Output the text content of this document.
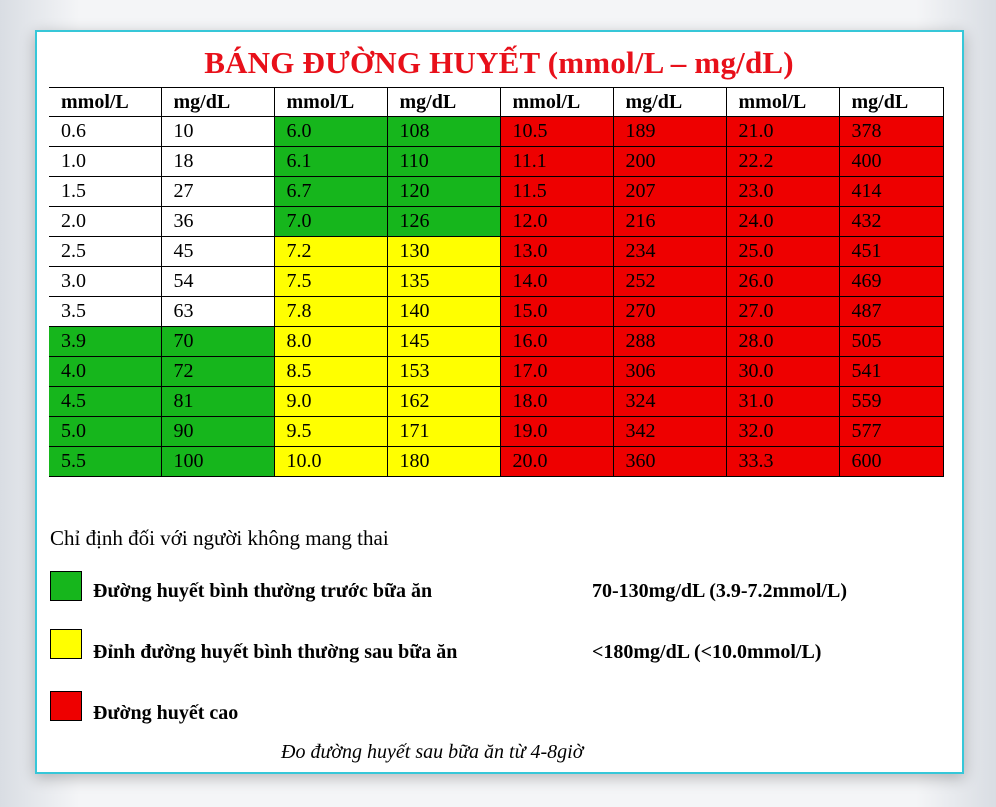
BÁNG ĐƯỜNG HUYẾT (mmol/L – mg/dL)
mmol/L	mg/dL	mmol/L	mg/dL	mmol/L	mg/dL	mmol/L	mg/dL
0.6	10	6.0	108	10.5	189	21.0	378
1.0	18	6.1	110	11.1	200	22.2	400
1.5	27	6.7	120	11.5	207	23.0	414
2.0	36	7.0	126	12.0	216	24.0	432
2.5	45	7.2	130	13.0	234	25.0	451
3.0	54	7.5	135	14.0	252	26.0	469
3.5	63	7.8	140	15.0	270	27.0	487
3.9	70	8.0	145	16.0	288	28.0	505
4.0	72	8.5	153	17.0	306	30.0	541
4.5	81	9.0	162	18.0	324	31.0	559
5.0	90	9.5	171	19.0	342	32.0	577
5.5	100	10.0	180	20.0	360	33.3	600
Chỉ định đối với người không mang thai
Đường huyết bình thường trước bữa ăn	70-130mg/dL (3.9-7.2mmol/L)
Đỉnh đường huyết bình thường sau bữa ăn	<180mg/dL (<10.0mmol/L)
Đường huyết cao
Đo đường huyết sau bữa ăn từ 4-8giờ
